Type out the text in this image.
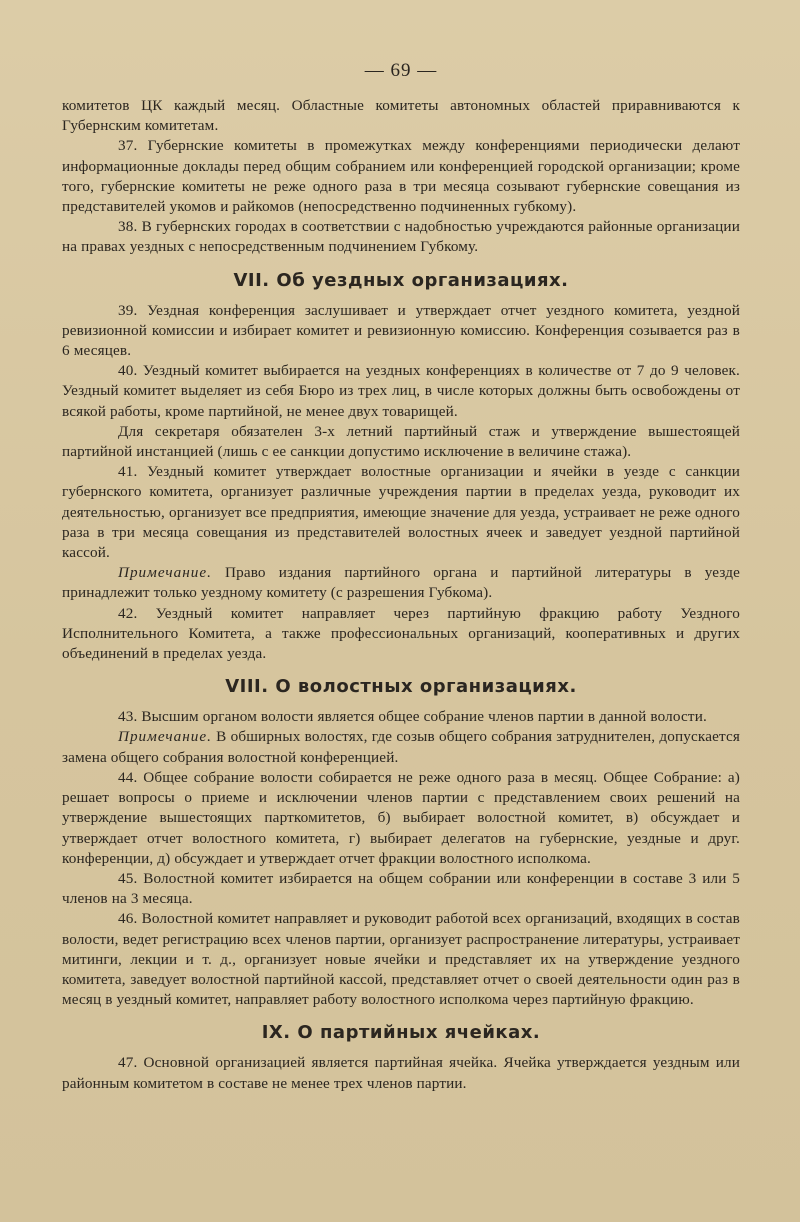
— 69 —

комитетов ЦК каждый месяц. Областные комитеты автономных областей приравниваются к Губернским комитетам.

37. Губернские комитеты в промежутках между конференциями периодически делают информационные доклады перед общим собранием или конференцией городской организации; кроме того, губернские комитеты не реже одного раза в три месяца созывают губернские совещания из представителей укомов и райкомов (непосредственно подчиненных губкому).

38. В губернских городах в соответствии с надобностью учреждаются районные организации на правах уездных с непосредственным подчинением Губкому.

VII. Об уездных организациях.

39. Уездная конференция заслушивает и утверждает отчет уездного комитета, уездной ревизионной комиссии и избирает комитет и ревизионную комиссию. Конференция созывается раз в 6 месяцев.

40. Уездный комитет выбирается на уездных конференциях в количестве от 7 до 9 человек. Уездный комитет выделяет из себя Бюро из трех лиц, в числе которых должны быть освобождены от всякой работы, кроме партийной, не менее двух товарищей.

Для секретаря обязателен 3-х летний партийный стаж и утверждение вышестоящей партийной инстанцией (лишь с ее санкции допустимо исключение в величине стажа).

41. Уездный комитет утверждает волостные организации и ячейки в уезде с санкции губернского комитета, организует различные учреждения партии в пределах уезда, руководит их деятельностью, организует все предприятия, имеющие значение для уезда, устраивает не реже одного раза в три месяца совещания из представителей волостных ячеек и заведует уездной партийной кассой.

Примечание. Право издания партийного органа и партийной литературы в уезде принадлежит только уездному комитету (с разрешения Губкома).

42. Уездный комитет направляет через партийную фракцию работу Уездного Исполнительного Комитета, а также профессиональных организаций, кооперативных и других объединений в пределах уезда.

VIII. О волостных организациях.

43. Высшим органом волости является общее собрание членов партии в данной волости.

Примечание. В обширных волостях, где созыв общего собрания затруднителен, допускается замена общего собрания волостной конференцией.

44. Общее собрание волости собирается не реже одного раза в месяц. Общее Собрание: а) решает вопросы о приеме и исключении членов партии с представлением своих решений на утверждение вышестоящих парткомитетов, б) выбирает волостной комитет, в) обсуждает и утверждает отчет волостного комитета, г) выбирает делегатов на губернские, уездные и друг. конференции, д) обсуждает и утверждает отчет фракции волостного исполкома.

45. Волостной комитет избирается на общем собрании или конференции в составе 3 или 5 членов на 3 месяца.

46. Волостной комитет направляет и руководит работой всех организаций, входящих в состав волости, ведет регистрацию всех членов партии, организует распространение литературы, устраивает митинги, лекции и т. д., организует новые ячейки и представляет их на утверждение уездного комитета, заведует волостной партийной кассой, представляет отчет о своей деятельности один раз в месяц в уездный комитет, направляет работу волостного исполкома через партийную фракцию.

IX. О партийных ячейках.

47. Основной организацией является партийная ячейка. Ячейка утверждается уездным или районным комитетом в составе не менее трех членов партии.
